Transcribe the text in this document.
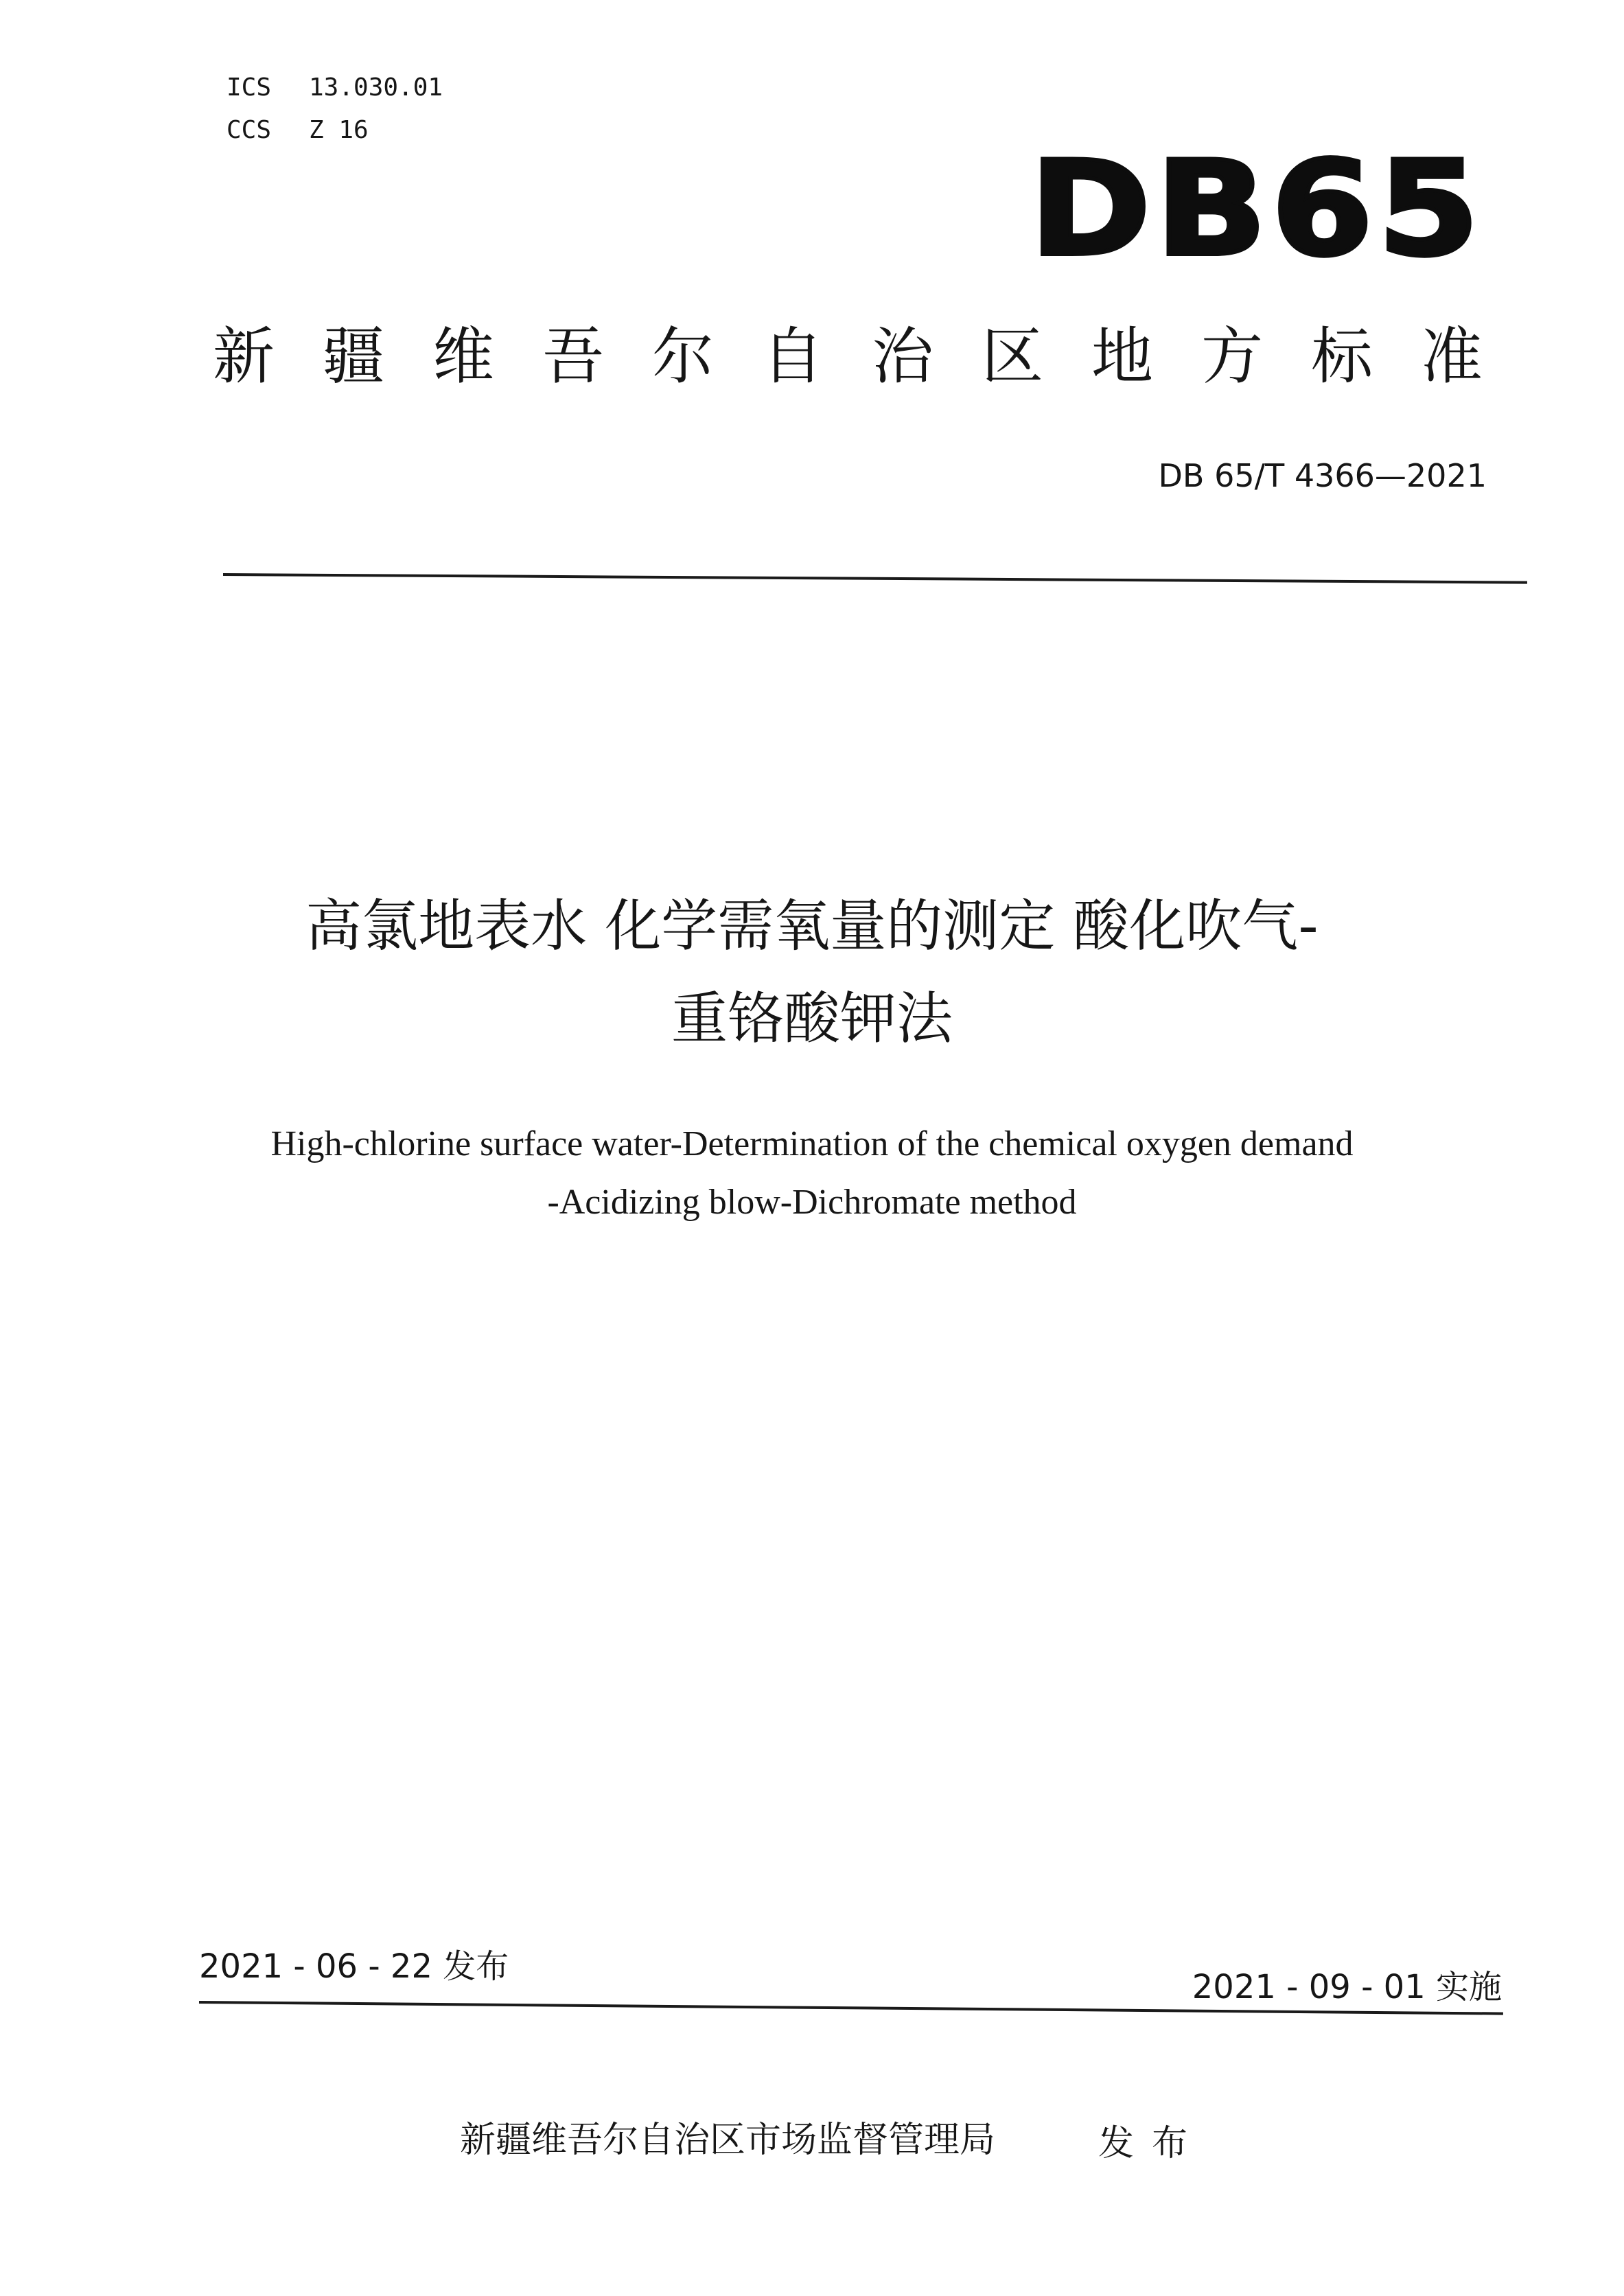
ICS 13.030.01
CCS Z 16
DB65
新疆维吾尔自治区地方标准
DB 65/T 4366—2021
高氯地表水 化学需氧量的测定 酸化吹气-
重铬酸钾法
High-chlorine surface water-Determination of the chemical oxygen demand
-Acidizing blow-Dichromate method
2021 - 06 - 22 发布
2021 - 09 - 01 实施
新疆维吾尔自治区市场监督管理局	发布
